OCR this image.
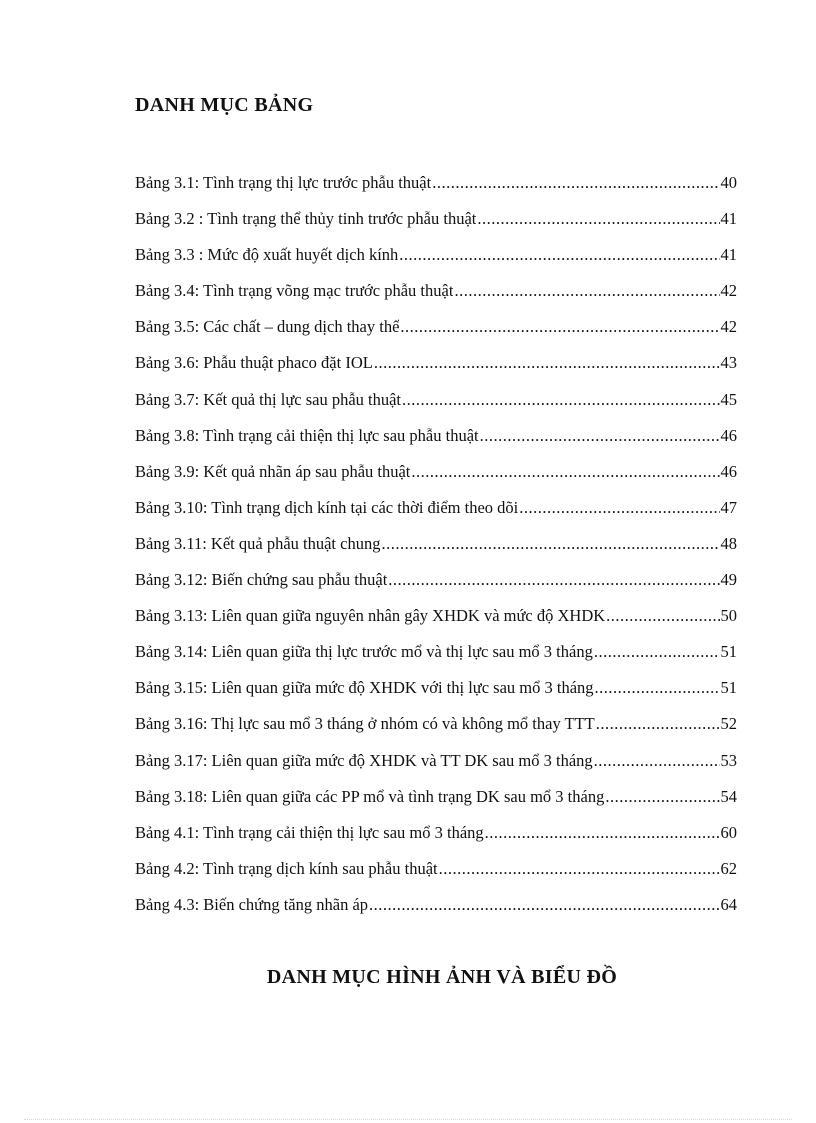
DANH MỤC BẢNG
Bảng 3.1: Tình trạng thị lực trước phẫu thuật .....	40
Bảng 3.2 : Tình trạng thể thủy tinh trước phẫu thuật .....	41
Bảng 3.3 : Mức độ xuất huyết dịch kính .....	41
Bảng 3.4: Tình trạng võng mạc trước phẫu thuật .....	42
Bảng 3.5: Các chất – dung dịch thay thế .....	42
Bảng 3.6: Phẫu thuật phaco đặt IOL .....	43
Bảng 3.7: Kết quả thị lực sau phẫu thuật .....	45
Bảng 3.8: Tình trạng cải thiện thị lực sau phẫu thuật .....	46
Bảng 3.9: Kết quả nhãn áp sau phẫu thuật .....	46
Bảng 3.10: Tình trạng dịch kính tại các thời điểm theo dõi .....	47
Bảng 3.11: Kết quả phẫu thuật chung .....	48
Bảng 3.12: Biến chứng sau phẫu thuật .....	49
Bảng 3.13: Liên quan giữa nguyên nhân gây XHDK và mức độ XHDK .....	50
Bảng 3.14: Liên quan giữa thị lực trước mổ và thị lực sau mổ 3 tháng .....	51
Bảng 3.15: Liên quan giữa mức độ XHDK với thị lực sau mổ 3 tháng .....	51
Bảng 3.16: Thị lực sau mổ 3 tháng ở nhóm có và không mổ thay TTT .....	52
Bảng 3.17: Liên quan giữa mức độ XHDK và TT DK sau mổ 3 tháng .....	53
Bảng 3.18: Liên quan giữa các PP mổ và tình trạng DK sau mổ 3 tháng .....	54
Bảng 4.1: Tình trạng cải thiện thị lực sau mổ 3 tháng .....	60
Bảng 4.2: Tình trạng dịch kính sau phẫu thuật .....	62
Bảng 4.3: Biến chứng tăng nhãn áp .....	64
DANH MỤC HÌNH ẢNH VÀ BIỂU ĐỒ
